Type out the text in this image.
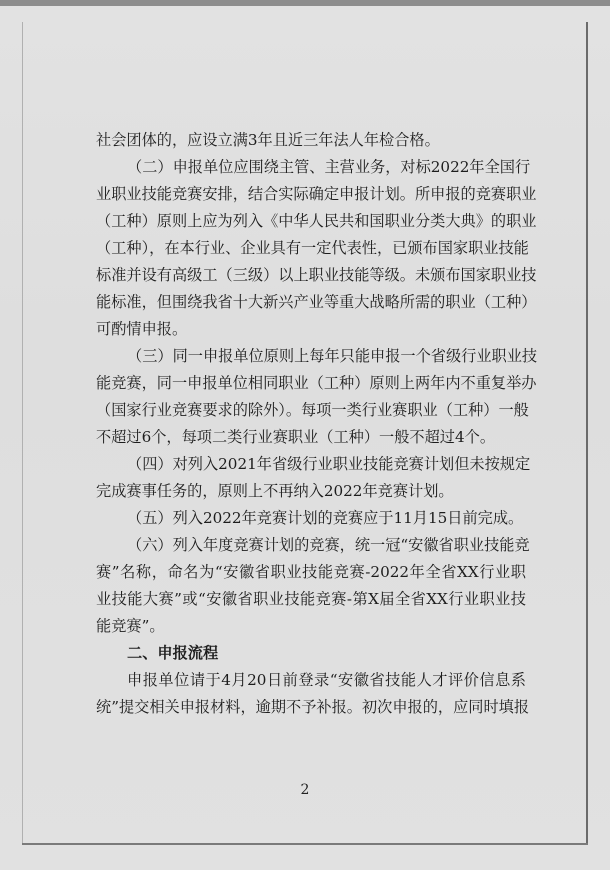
社会团体的，应设立满3年且近三年法人年检合格。
（二）申报单位应围绕主管、主营业务，对标2022年全国行
业职业技能竞赛安排，结合实际确定申报计划。所申报的竞赛职业
（工种）原则上应为列入《中华人民共和国职业分类大典》的职业
（工种），在本行业、企业具有一定代表性，已颁布国家职业技能
标准并设有高级工（三级）以上职业技能等级。未颁布国家职业技
能标准，但围绕我省十大新兴产业等重大战略所需的职业（工种）
可酌情申报。
（三）同一申报单位原则上每年只能申报一个省级行业职业技
能竞赛，同一申报单位相同职业（工种）原则上两年内不重复举办
（国家行业竞赛要求的除外）。每项一类行业赛职业（工种）一般
不超过6个，每项二类行业赛职业（工种）一般不超过4个。
（四）对列入2021年省级行业职业技能竞赛计划但未按规定
完成赛事任务的，原则上不再纳入2022年竞赛计划。
（五）列入2022年竞赛计划的竞赛应于11月15日前完成。
（六）列入年度竞赛计划的竞赛，统一冠“安徽省职业技能竞
赛”名称，命名为“安徽省职业技能竞赛-2022年全省XX行业职
业技能大赛”或“安徽省职业技能竞赛-第X届全省XX行业职业技
能竞赛”。
二、申报流程
申报单位请于4月20日前登录“安徽省技能人才评价信息系
统”提交相关申报材料，逾期不予补报。初次申报的，应同时填报
2
